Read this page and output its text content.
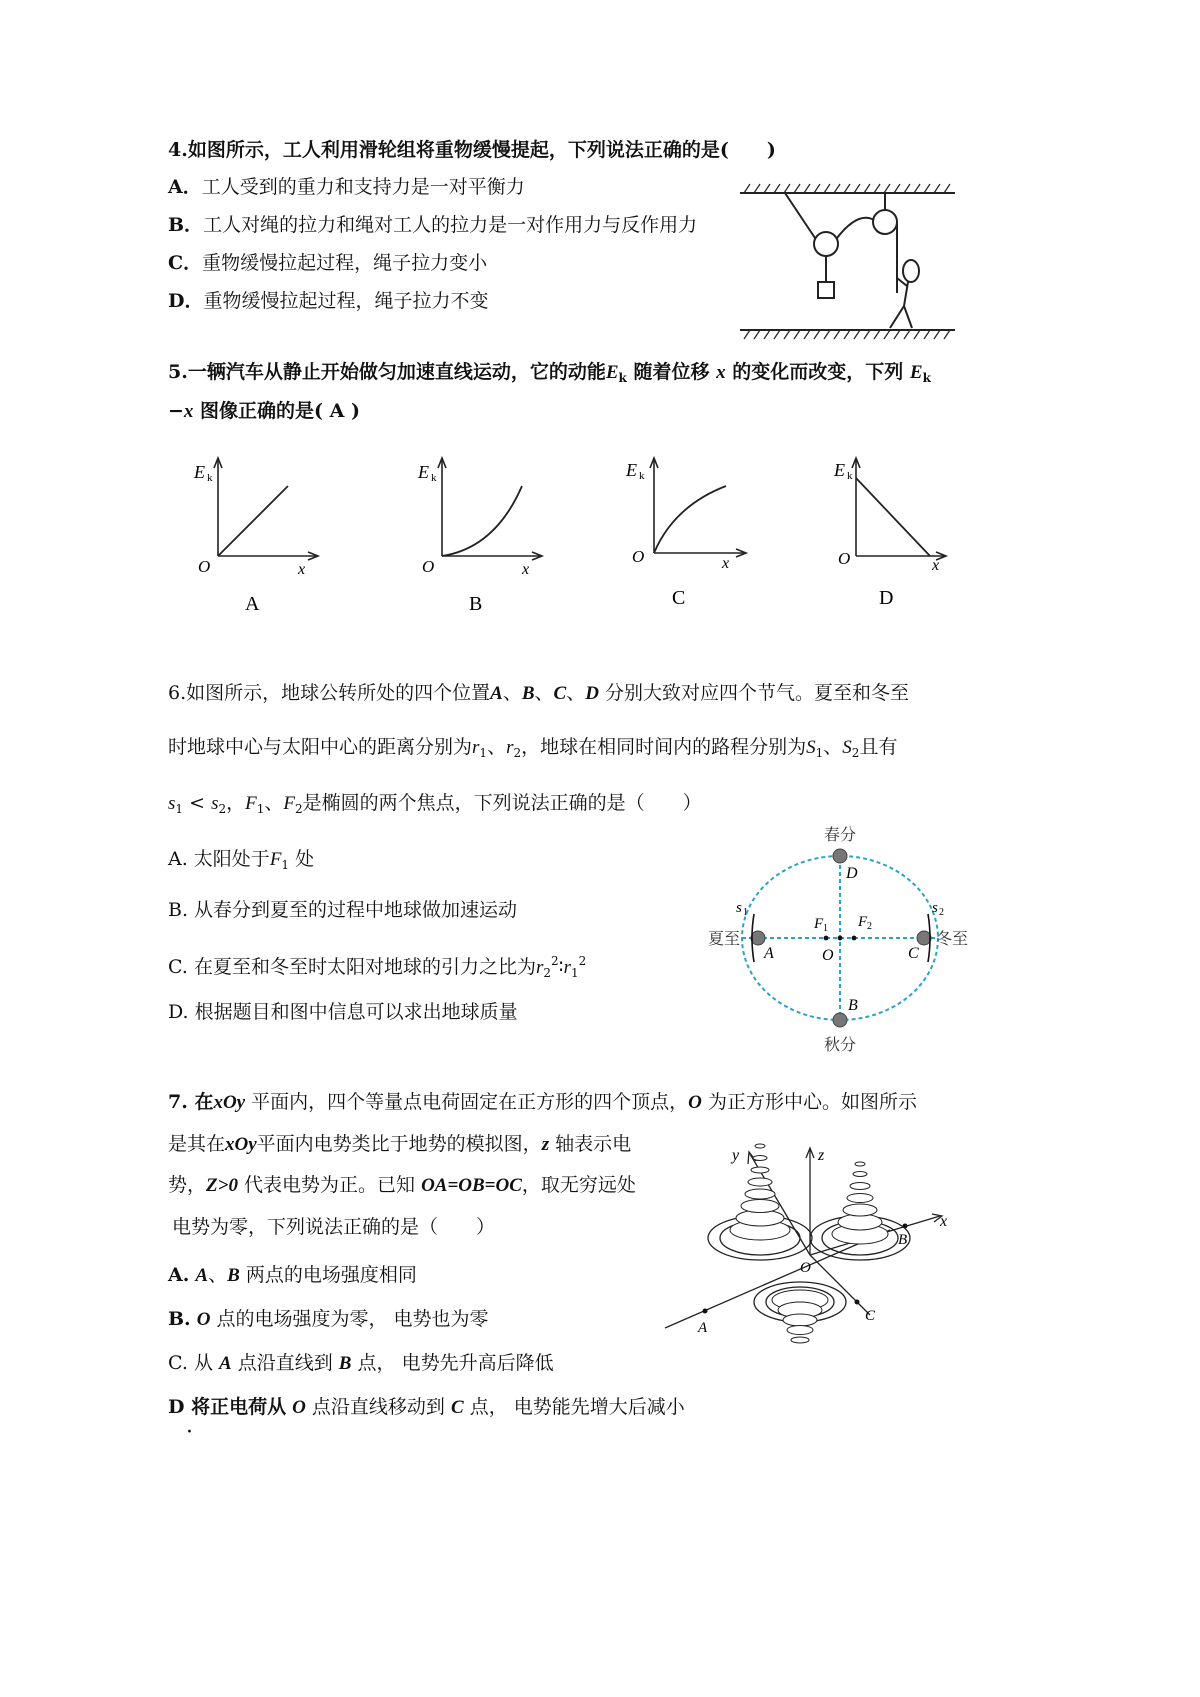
4.如图所示，工人利用滑轮组将重物缓慢提起，下列说法正确的是(　　)
A．工人受到的重力和支持力是一对平衡力
B．工人对绳的拉力和绳对工人的拉力是一对作用力与反作用力
C．重物缓慢拉起过程，绳子拉力变小
D．重物缓慢拉起过程，绳子拉力不变
5.一辆汽车从静止开始做匀加速直线运动，它的动能$E_k$ 随着位移 x 的变化而改变，下列 $E_k$
−x 图像正确的是( A )
E k
O	x
A
E k
O	x
B
E k
O	x
C
E k
O	x
D
6.如图所示，地球公转所处的四个位置A、B、C、D 分别大致对应四个节气。夏至和冬至
时地球中心与太阳中心的距离分别为$r_1$、$r_2$，地球在相同时间内的路程分别为$S_1$、$S_2$且有
$s_1 < s_2$，$F_1$、$F_2$是椭圆的两个焦点，下列说法正确的是（　　）
A. 太阳处于$F_1$ 处
B. 从春分到夏至的过程中地球做加速运动
C. 在夏至和冬至时太阳对地球的引力之比为$r_2^2∶r_1^2$
D. 根据题目和图中信息可以求出地球质量
春分
秋分
夏至	冬至
D
B
A	C
O
F 1 F 2
s 1	s 2
7. 在xOy 平面内，四个等量点电荷固定在正方形的四个顶点，O 为正方形中心。如图所示
是其在xOy平面内电势类比于地势的模拟图，z 轴表示电
势，Z>0 代表电势为正。已知 OA=OB=OC，取无穷远处
电势为零，下列说法正确的是（　　）
A. A、B 两点的电场强度相同
B. O 点的电场强度为零， 电势也为零
C. 从 A 点沿直线到 B 点， 电势先升高后降低
D 将正电荷从 O 点沿直线移动到 C 点， 电势能先增大后减小
·
y	z
x
O
A
B
C
